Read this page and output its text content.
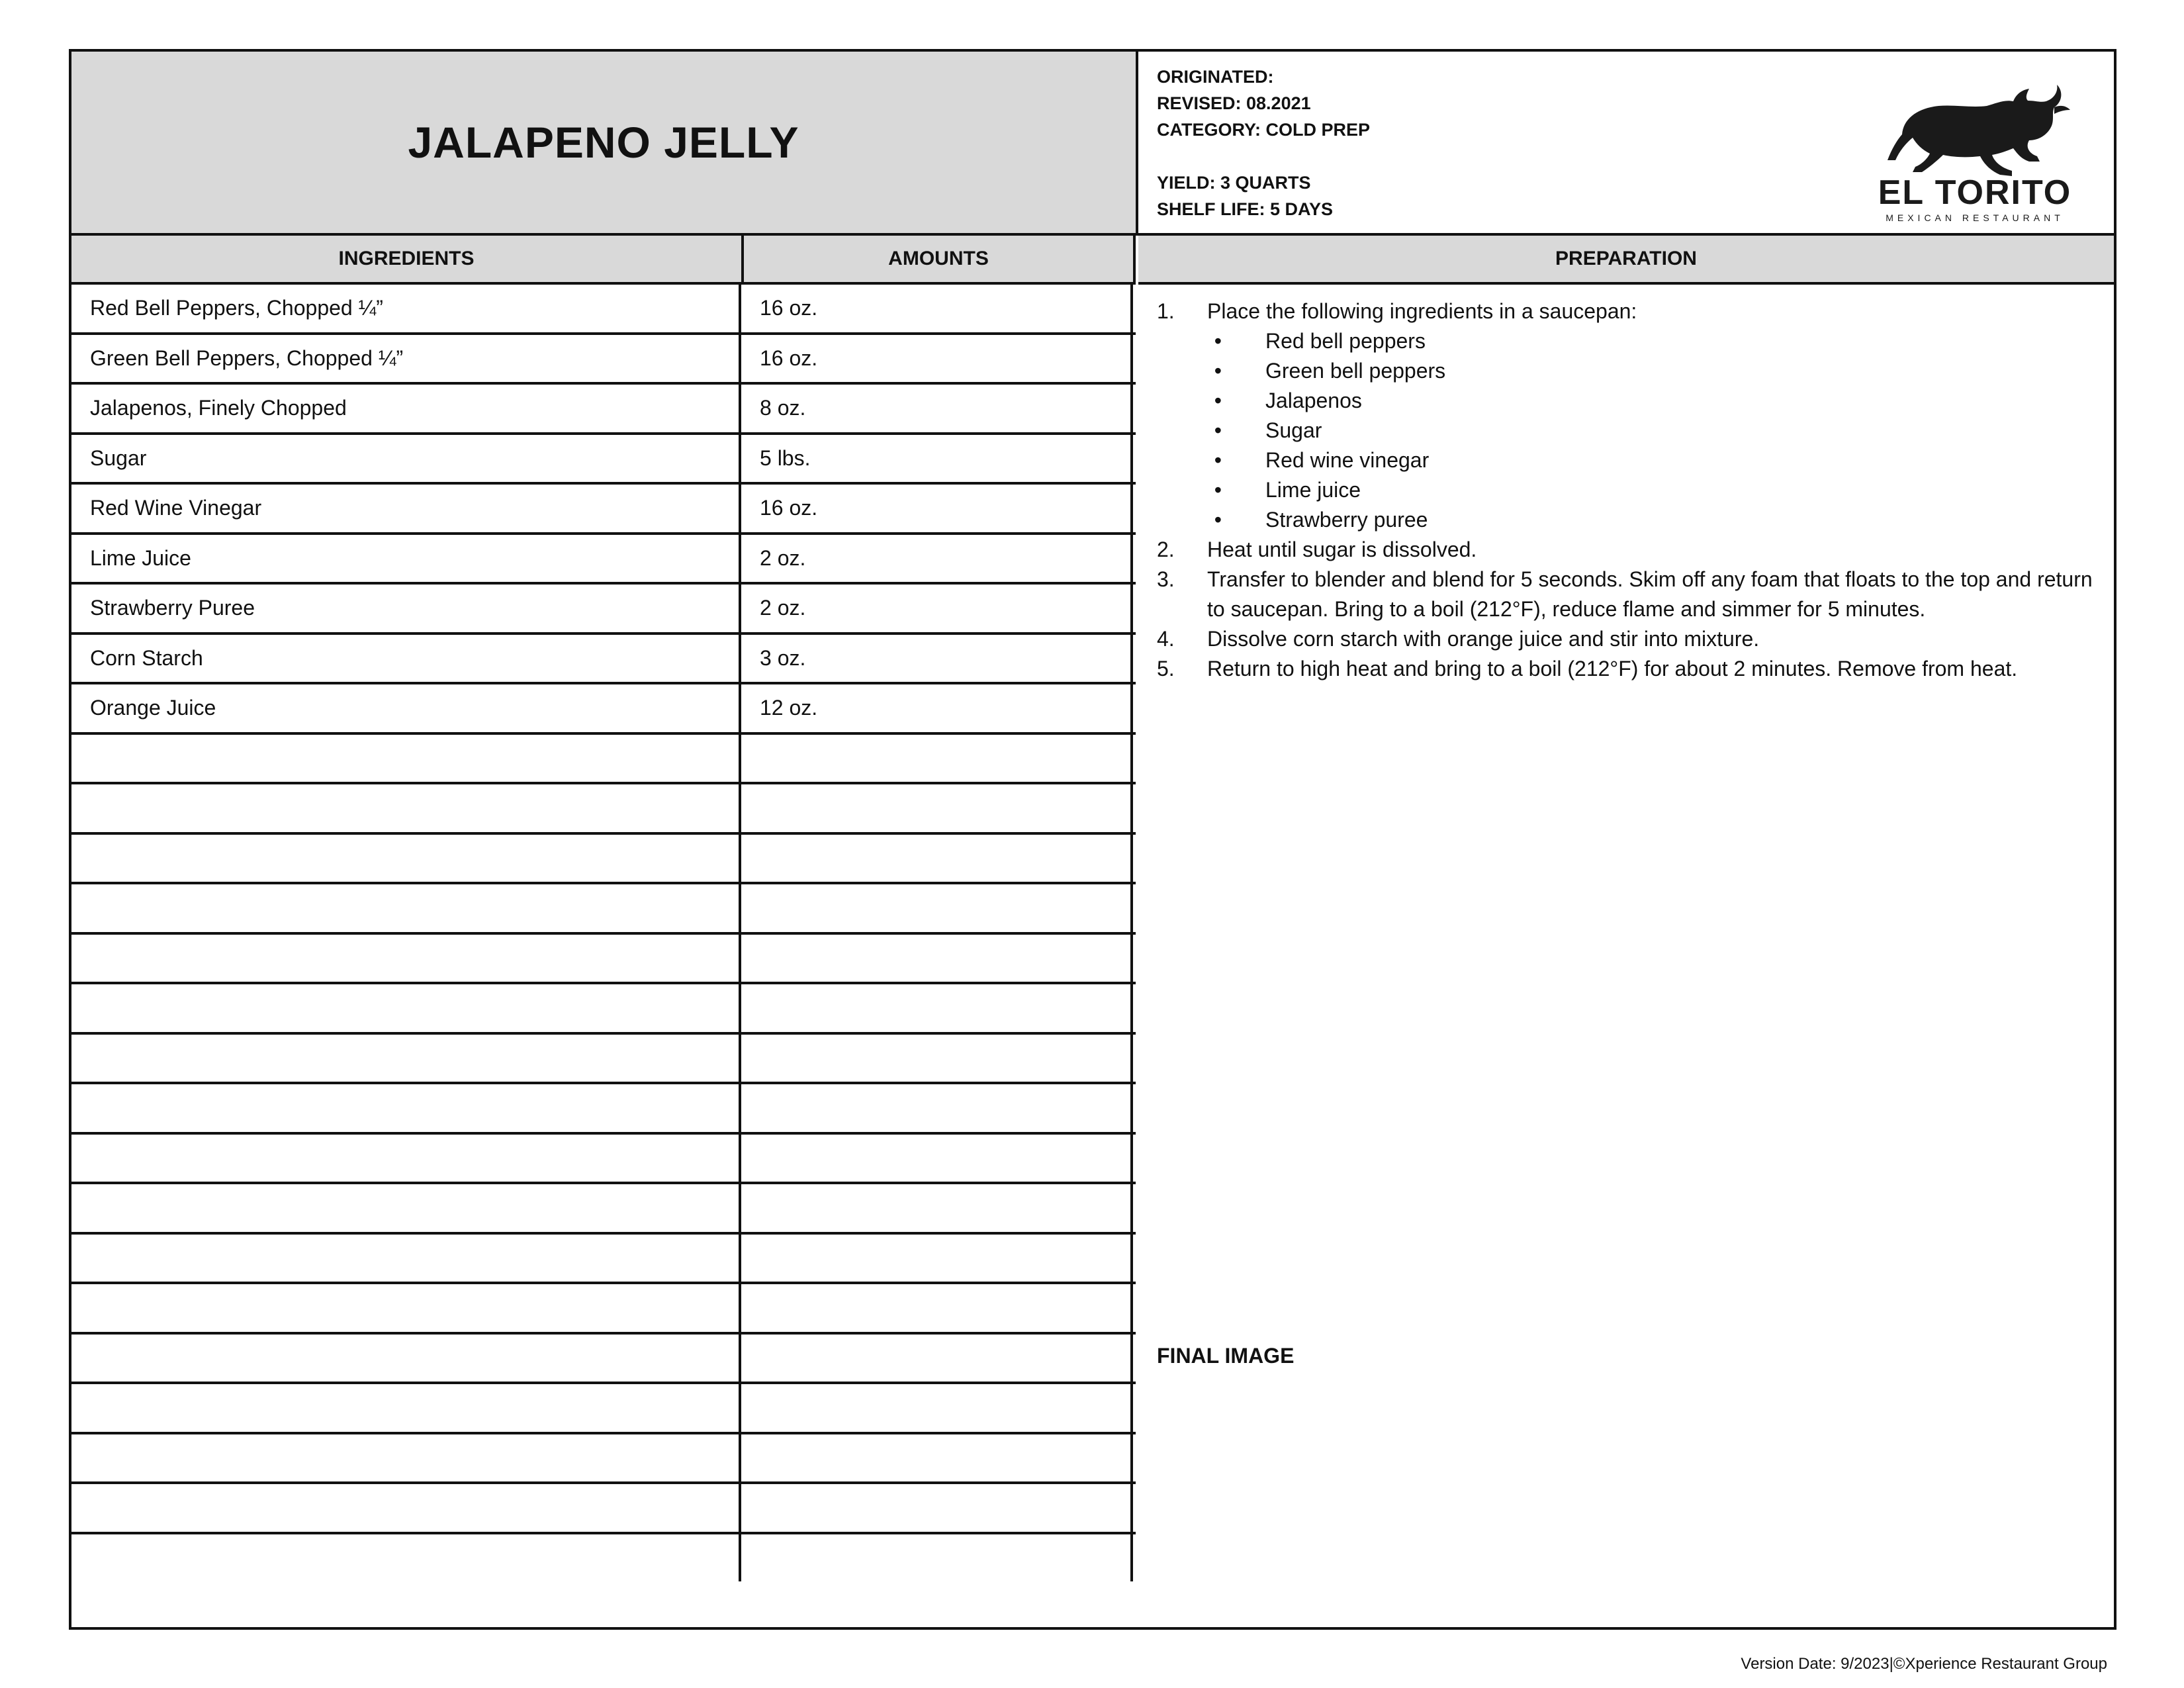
JALAPENO JELLY
ORIGINATED:
REVISED: 08.2021
CATEGORY: COLD PREP
YIELD: 3 QUARTS
SHELF LIFE: 5 DAYS	EL TORITO
MEXICAN RESTAURANT
INGREDIENTS	AMOUNTS	PREPARATION
Red Bell Peppers, Chopped ¼”	16 oz.
Green Bell Peppers, Chopped ¼”	16 oz.
Jalapenos, Finely Chopped	8 oz.
Sugar	5 lbs.
Red Wine Vinegar	16 oz.
Lime Juice	2 oz.
Strawberry Puree	2 oz.
Corn Starch	3 oz.
Orange Juice	12 oz.
1.	Place the following ingredients in a saucepan:
•	Red bell peppers
•	Green bell peppers
•	Jalapenos
•	Sugar
•	Red wine vinegar
•	Lime juice
•	Strawberry puree
2.	Heat until sugar is dissolved.
3.	Transfer to blender and blend for 5 seconds. Skim off any foam that floats to the top and return to saucepan. Bring to a boil (212°F), reduce flame and simmer for 5 minutes.
4.	Dissolve corn starch with orange juice and stir into mixture.
5.	Return to high heat and bring to a boil (212°F) for about 2 minutes. Remove from heat.
FINAL IMAGE
Version Date: 9/2023|©Xperience Restaurant Group
